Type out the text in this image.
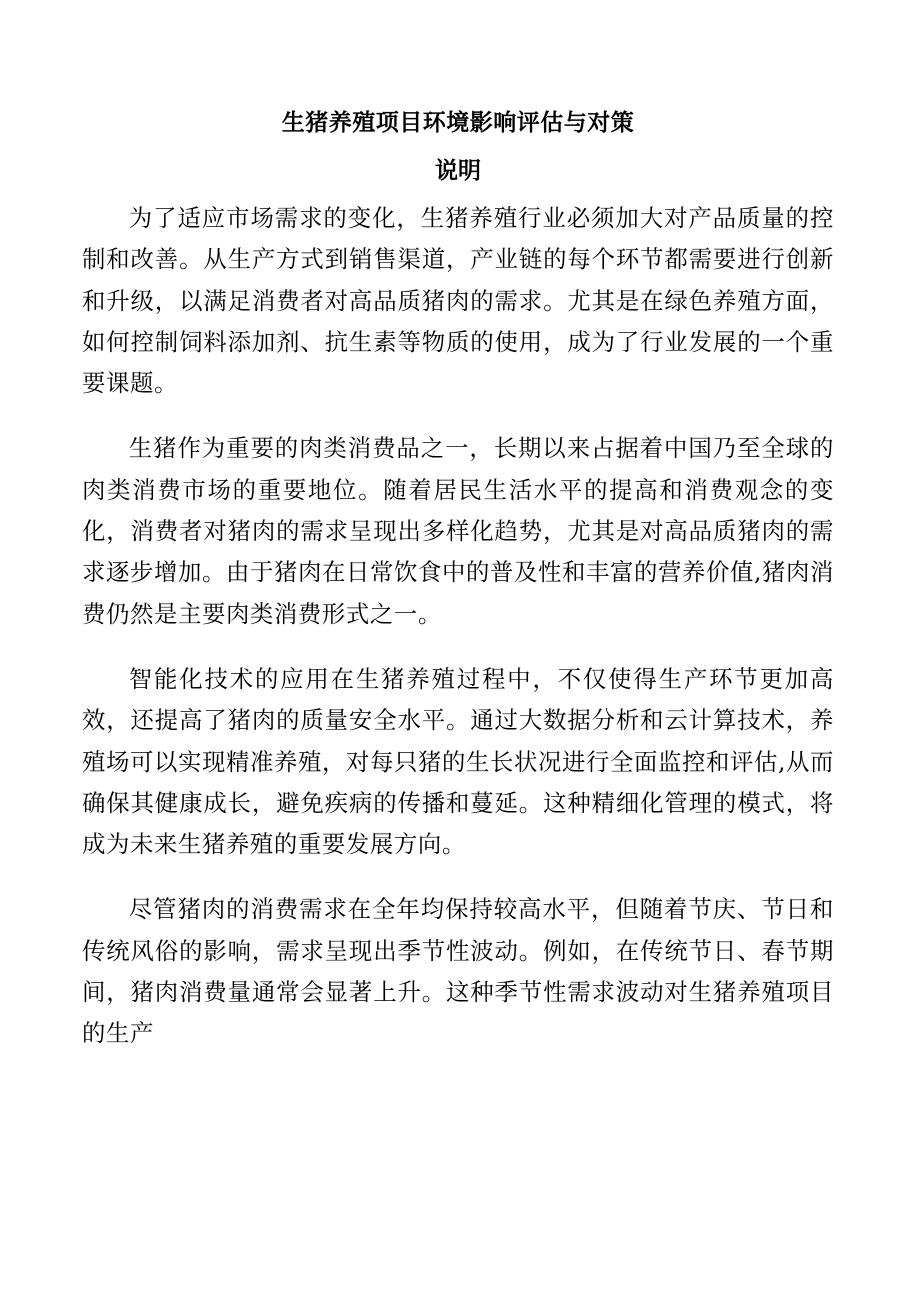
生猪养殖项目环境影响评估与对策
说明

为了适应市场需求的变化，生猪养殖行业必须加大对产品质量的控制和改善。从生产方式到销售渠道，产业链的每个环节都需要进行创新和升级，以满足消费者对高品质猪肉的需求。尤其是在绿色养殖方面，如何控制饲料添加剂、抗生素等物质的使用，成为了行业发展的一个重要课题。

生猪作为重要的肉类消费品之一，长期以来占据着中国乃至全球的肉类消费市场的重要地位。随着居民生活水平的提高和消费观念的变化，消费者对猪肉的需求呈现出多样化趋势，尤其是对高品质猪肉的需求逐步增加。由于猪肉在日常饮食中的普及性和丰富的营养价值,猪肉消费仍然是主要肉类消费形式之一。

智能化技术的应用在生猪养殖过程中，不仅使得生产环节更加高效，还提高了猪肉的质量安全水平。通过大数据分析和云计算技术，养殖场可以实现精准养殖，对每只猪的生长状况进行全面监控和评估,从而确保其健康成长，避免疾病的传播和蔓延。这种精细化管理的模式，将成为未来生猪养殖的重要发展方向。

尽管猪肉的消费需求在全年均保持较高水平，但随着节庆、节日和传统风俗的影响，需求呈现出季节性波动。例如，在传统节日、春节期间，猪肉消费量通常会显著上升。这种季节性需求波动对生猪养殖项目的生产
